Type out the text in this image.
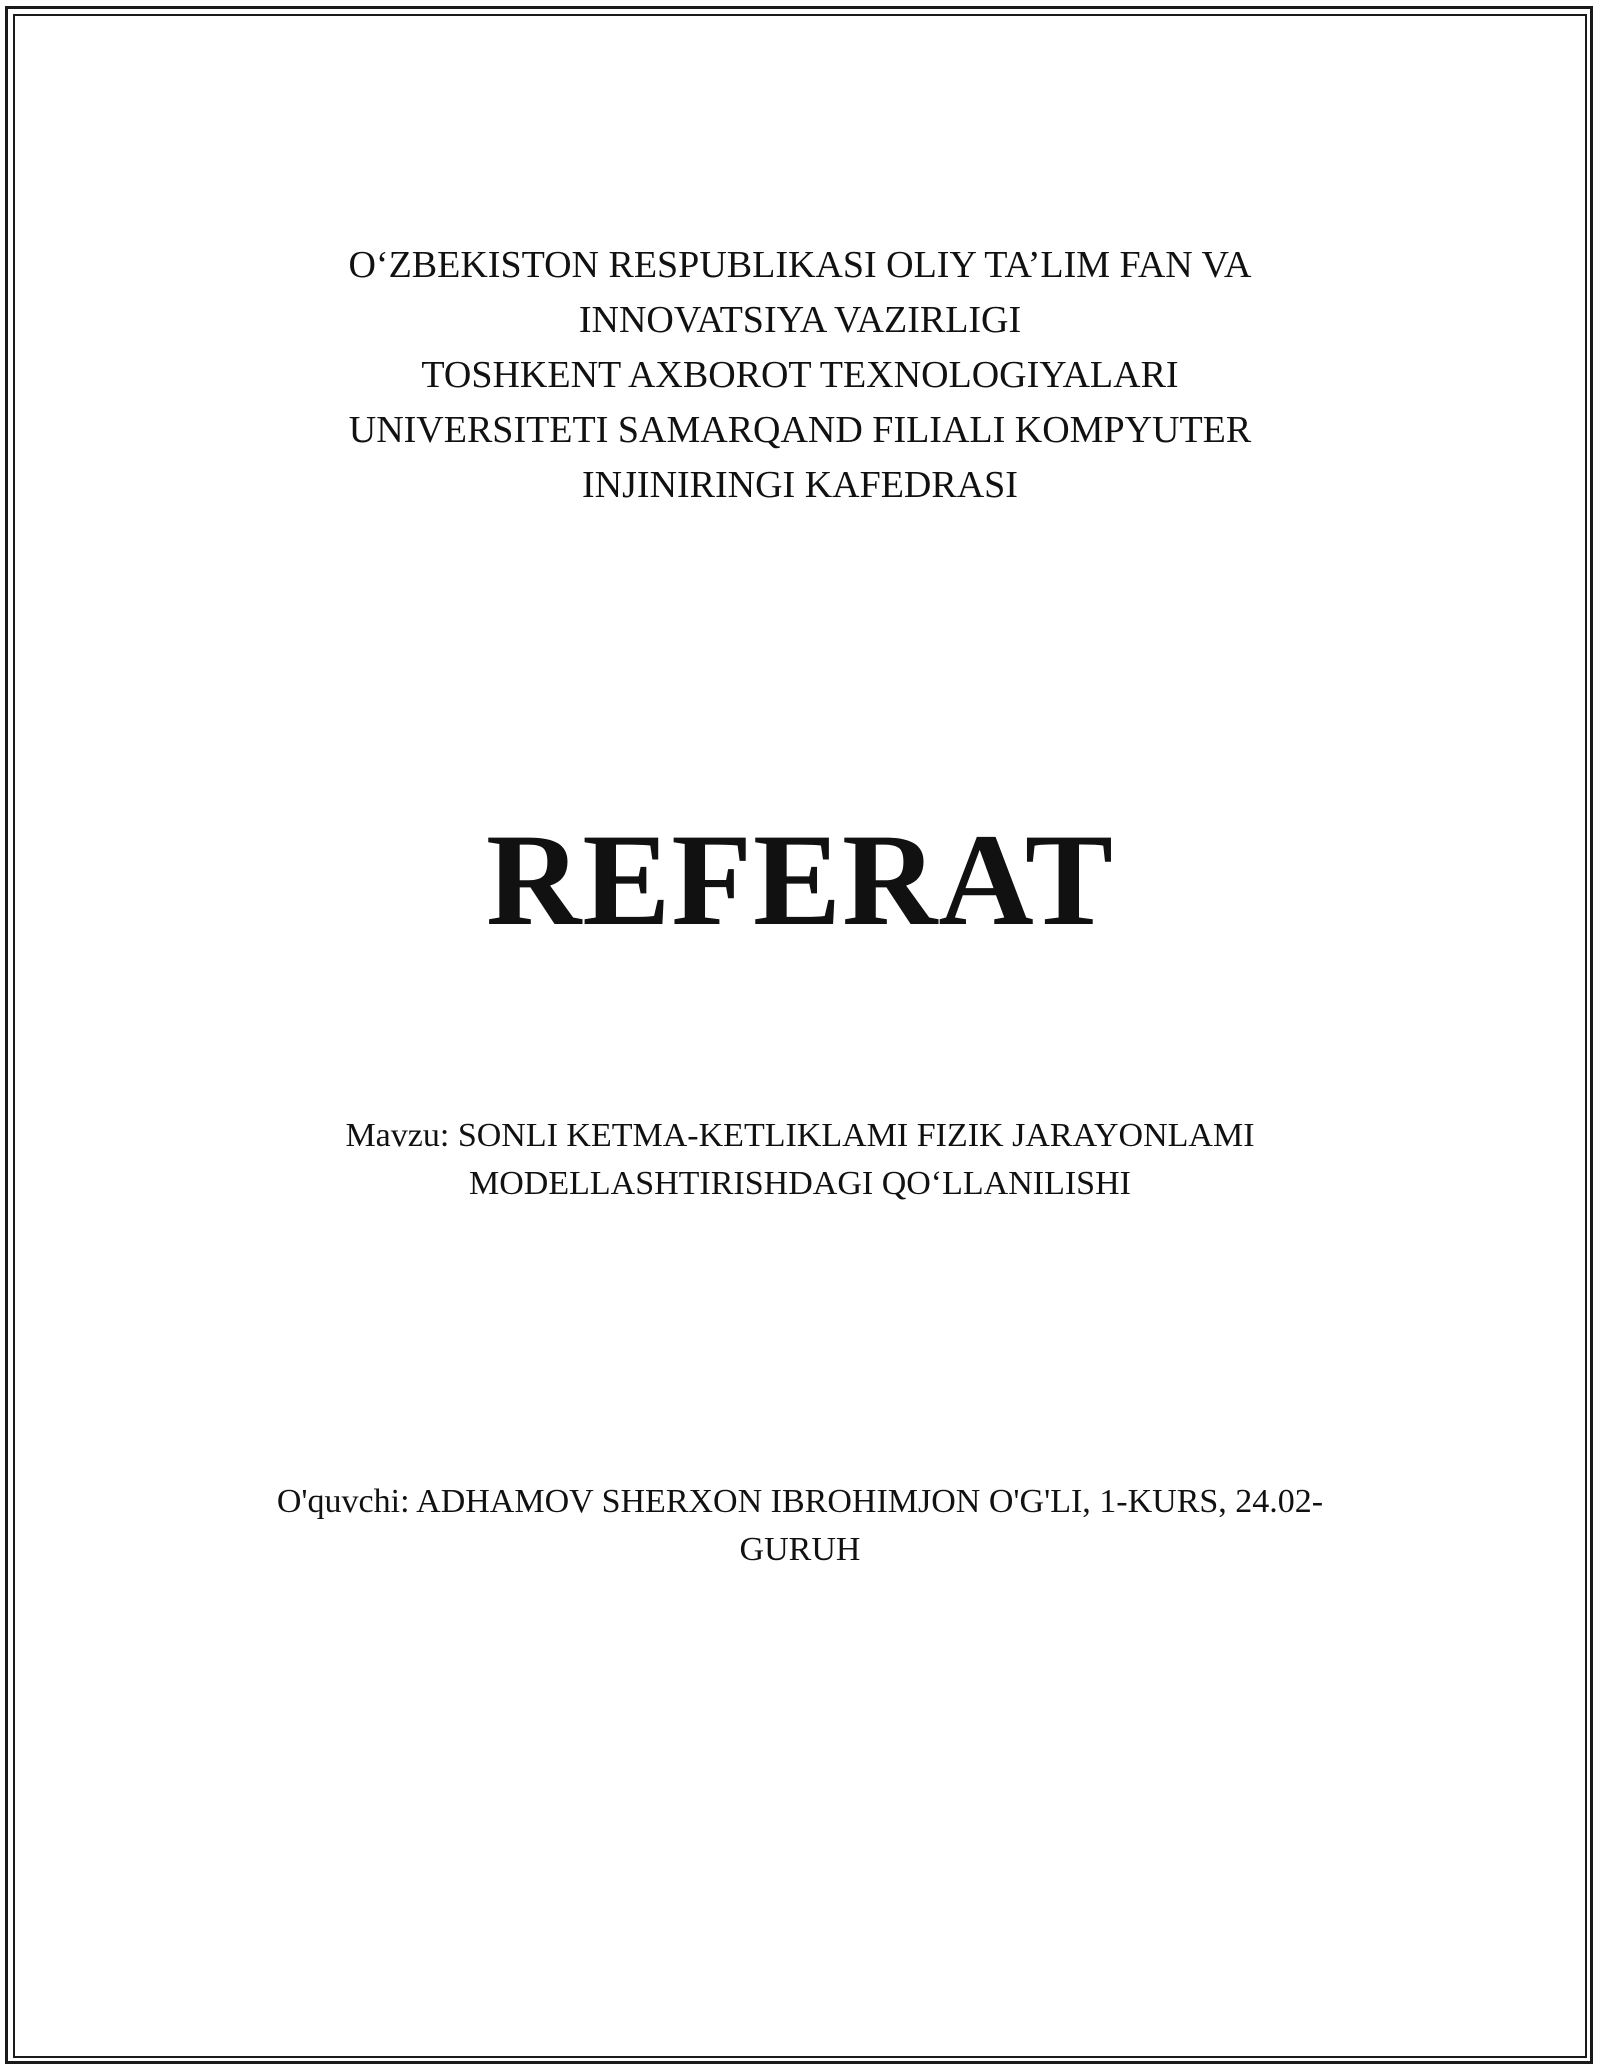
O‘ZBEKISTON RESPUBLIKASI OLIY TA’LIM FAN VA
INNOVATSIYA VAZIRLIGI
TOSHKENT AXBOROT TEXNOLOGIYALARI
UNIVERSITETI SAMARQAND FILIALI KOMPYUTER
INJINIRINGI KAFEDRASI
REFERAT
Mavzu: SONLI KETMA-KETLIKLAMI FIZIK JARAYONLAMI
MODELLASHTIRISHDAGI QO‘LLANILISHI
O'quvchi: ADHAMOV SHERXON IBROHIMJON O'G'LI, 1-KURS, 24.02-
GURUH
